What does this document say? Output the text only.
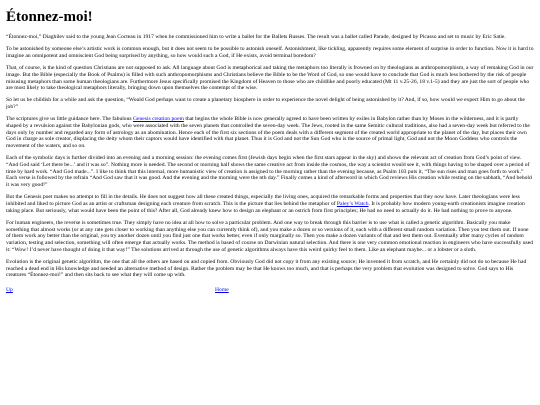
Étonnez-moi!

“Étonnez-moi,” Diaghilev said to the young Jean Cocteau in 1917 when he commissioned him to write a ballet for the Ballets Russes. The result was a ballet called Parade, designed by Picasso and set to music by Eric Satie.

To be astonished by someone else’s artistic work is common enough, but it does not seem to be possible to astonish oneself. Astonishment, like tickling, apparently requires some element of surprise in order to function. Now it is hard to imagine an omnipotent and omniscient God being surprised by anything, so how would such a God, if He exists, avoid terminal boredom?

That, of course, is the kind of question Christians are not supposed to ask. All language about God is metaphorical and taking the metaphors too literally is frowned on by theologians as anthropomorphism, a way of remaking God in our image. But the Bible (especially the Book of Psalms) is filled with such anthropomorphisms and Christians believe the Bible to be the Word of God, so one would have to conclude that God is much less bothered by the risk of people misusing metaphors than some human theologians are. Furthermore Jesus specifically promised the Kingdom of Heaven to those who are childlike and poorly educated (Mt 11 v.25-26, 18 v.1-5) and they are just the sort of people who are most likely to take theological metaphors literally, bringing down upon themselves the contempt of the wise.

So let us be childish for a while and ask the question, “Would God perhaps want to create a planetary biosphere in order to experience the novel delight of being astonished by it? And, if so, how would we expect Him to go about the job?”

The scriptures give us little guidance here. The fabulous Genesis creation poem that begins the whole Bible is now generally agreed to have been written by exiles in Babylon rather than by Moses in the wilderness, and it is partly shaped by a revulsion against the Babylonian gods, who were associated with the seven planets that controlled the seven-day week. The Jews, rooted in the same Semitic cultural traditions, also had a seven-day week but referred to the days only by number and regarded any form of astrology as an abomination. Hence each of the first six sections of the poem deals with a different segment of the created world appropriate to the planet of the day, but places their own God in charge as sole creator, displacing the deity whom their captors would have identified with that planet. Thus it is God and not the Sun God who is the source of primal light, God and not the Moon Goddess who controls the movement of the waters, and so on.

Each of the symbolic days is further divided into an evening and a morning session: the evening comes first (Jewish days begin when the first stars appear in the sky) and shows the relevant act of creation from God’s point of view. “And God said ‘Let there be...’ and it was so”. Nothing more is needed. The second or morning half shows the same creative act from inside the cosmos, the way a scientist would see it, with things having to be shaped over a period of time by hard work. “And God made...”. I like to think that this internal, more humanistic view of creation is assigned to the morning rather than the evening because, as Psalm 103 puts it, “The sun rises and man goes forth to work.” Each verse is followed by the refrain “And God saw that it was good. And the evening and the morning were the nth day.” Finally comes a kind of afterword in which God reviews His creation while resting on the sabbath, “And behold it was very good!”

But the Genesis poet makes no attempt to fill in the details. He does not suggest how all these created things, especially the living ones, acquired the remarkable forms and properties that they now have. Later theologians were less inhibited and liked to picture God as an artist or craftsman designing each creature from scratch. This is the picture that lies behind the metaphor of Paley’s Watch. It is probably how modern young-earth creationists imagine creation taking place. But seriously, what would have been the point of this? After all, God already knew how to design an elephant or an ostrich from first principles; He had no need to actually do it. He had nothing to prove to anyone.

For human engineers, the reverse is sometimes true. They simply have no idea at all how to solve a particular problem. And one way to break through this barrier is to use what is called a genetic algorithm. Basically you make something that almost works (or at any rate gets closer to working than anything else you can currently think of), and you make a dozen or so versions of it, each with a different small random variation. Then you test them out. If none of them work any better than the original, you try another dozen until you find just one that works better, even if only marginally so. Then you make a dozen variants of that and test them out. Eventually after many cycles of random variation, testing and selection, something will often emerge that actually works. The method is based of course on Darwinian natural selection. And there is one very common emotional reaction in engineers who have successfully used it: “Wow! I’d never have thought of doing it that way!” The solutions arrived at through the use of genetic algorithms always have this weird quirky feel to them. Like an elephant maybe... or a lobster or a sloth.

Evolution is the original genetic algorithm, the one that all the others are based on and copied from. Obviously God did not copy it from any existing source; He invented it from scratch, and He certainly did not do so because He had reached a dead end in His knowledge and needed an alternative method of design. Rather the problem may be that He knows too much, and that is perhaps the very problem that evolution was designed to solve. God says to His creatures “Étonnez-moi!” and then sits back to see what they will come up with.

Up	Home
